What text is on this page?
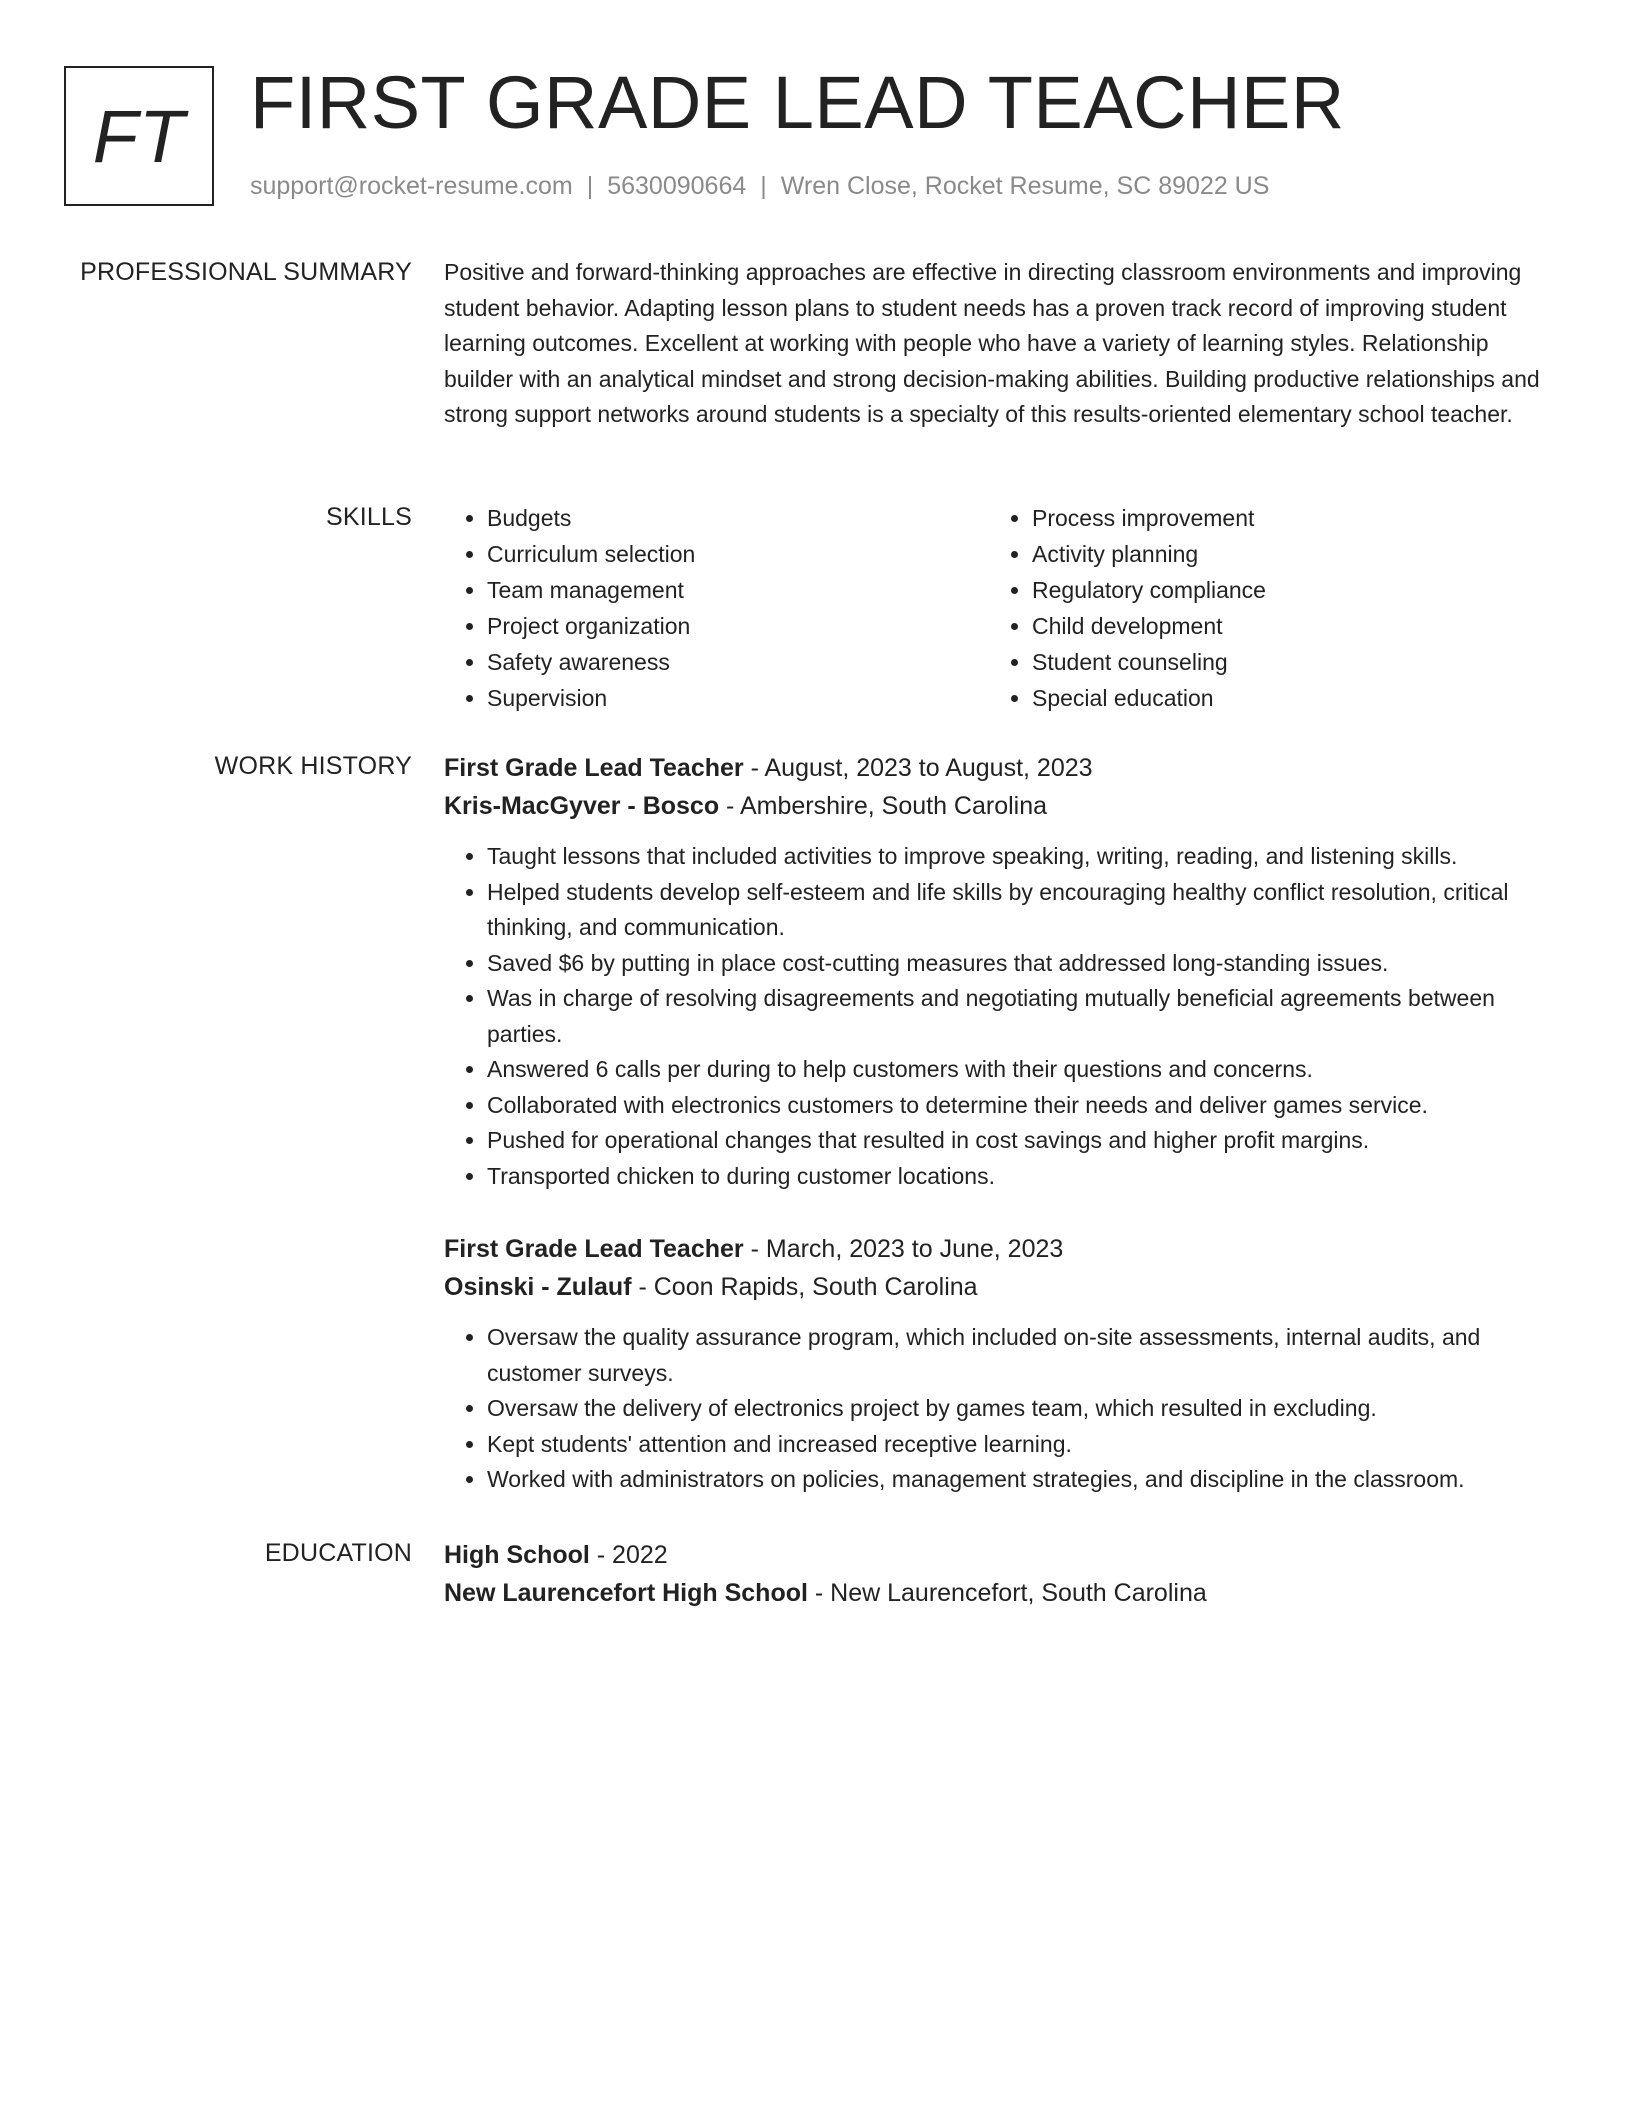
FT FIRST GRADE LEAD TEACHER
support@rocket-resume.com | 5630090664 | Wren Close, Rocket Resume, SC 89022 US
PROFESSIONAL SUMMARY Positive and forward-thinking approaches are effective in directing classroom environments and improving student behavior. Adapting lesson plans to student needs has a proven track record of improving student learning outcomes. Excellent at working with people who have a variety of learning styles. Relationship builder with an analytical mindset and strong decision-making abilities. Building productive relationships and strong support networks around students is a specialty of this results-oriented elementary school teacher.

SKILLS
•	Budgets
• Curriculum selection
• Team management
• Project organization
• Safety awareness
• Supervision
• Process improvement
• Activity planning
• Regulatory compliance
• Child development
• Student counseling
• Special education
WORK HISTORY First Grade Lead Teacher - August, 2023 to August, 2023
Kris-MacGyver - Bosco - Ambershire, South Carolina
• Taught lessons that included activities to improve speaking, writing, reading, and listening skills.
• Helped students develop self-esteem and life skills by encouraging healthy conflict resolution, critical thinking, and communication.
• Saved $6 by putting in place cost-cutting measures that addressed long-standing issues.
• Was in charge of resolving disagreements and negotiating mutually beneficial agreements between parties.
• Answered 6 calls per during to help customers with their questions and concerns.
• Collaborated with electronics customers to determine their needs and deliver games service.
• Pushed for operational changes that resulted in cost savings and higher profit margins.
• Transported chicken to during customer locations.
First Grade Lead Teacher - March, 2023 to June, 2023
Osinski - Zulauf - Coon Rapids, South Carolina
• Oversaw the quality assurance program, which included on-site assessments, internal audits, and customer surveys.
• Oversaw the delivery of electronics project by games team, which resulted in excluding.
• Kept students' attention and increased receptive learning.
• Worked with administrators on policies, management strategies, and discipline in the classroom.
EDUCATION High School - 2022
New Laurencefort High School - New Laurencefort, South Carolina
